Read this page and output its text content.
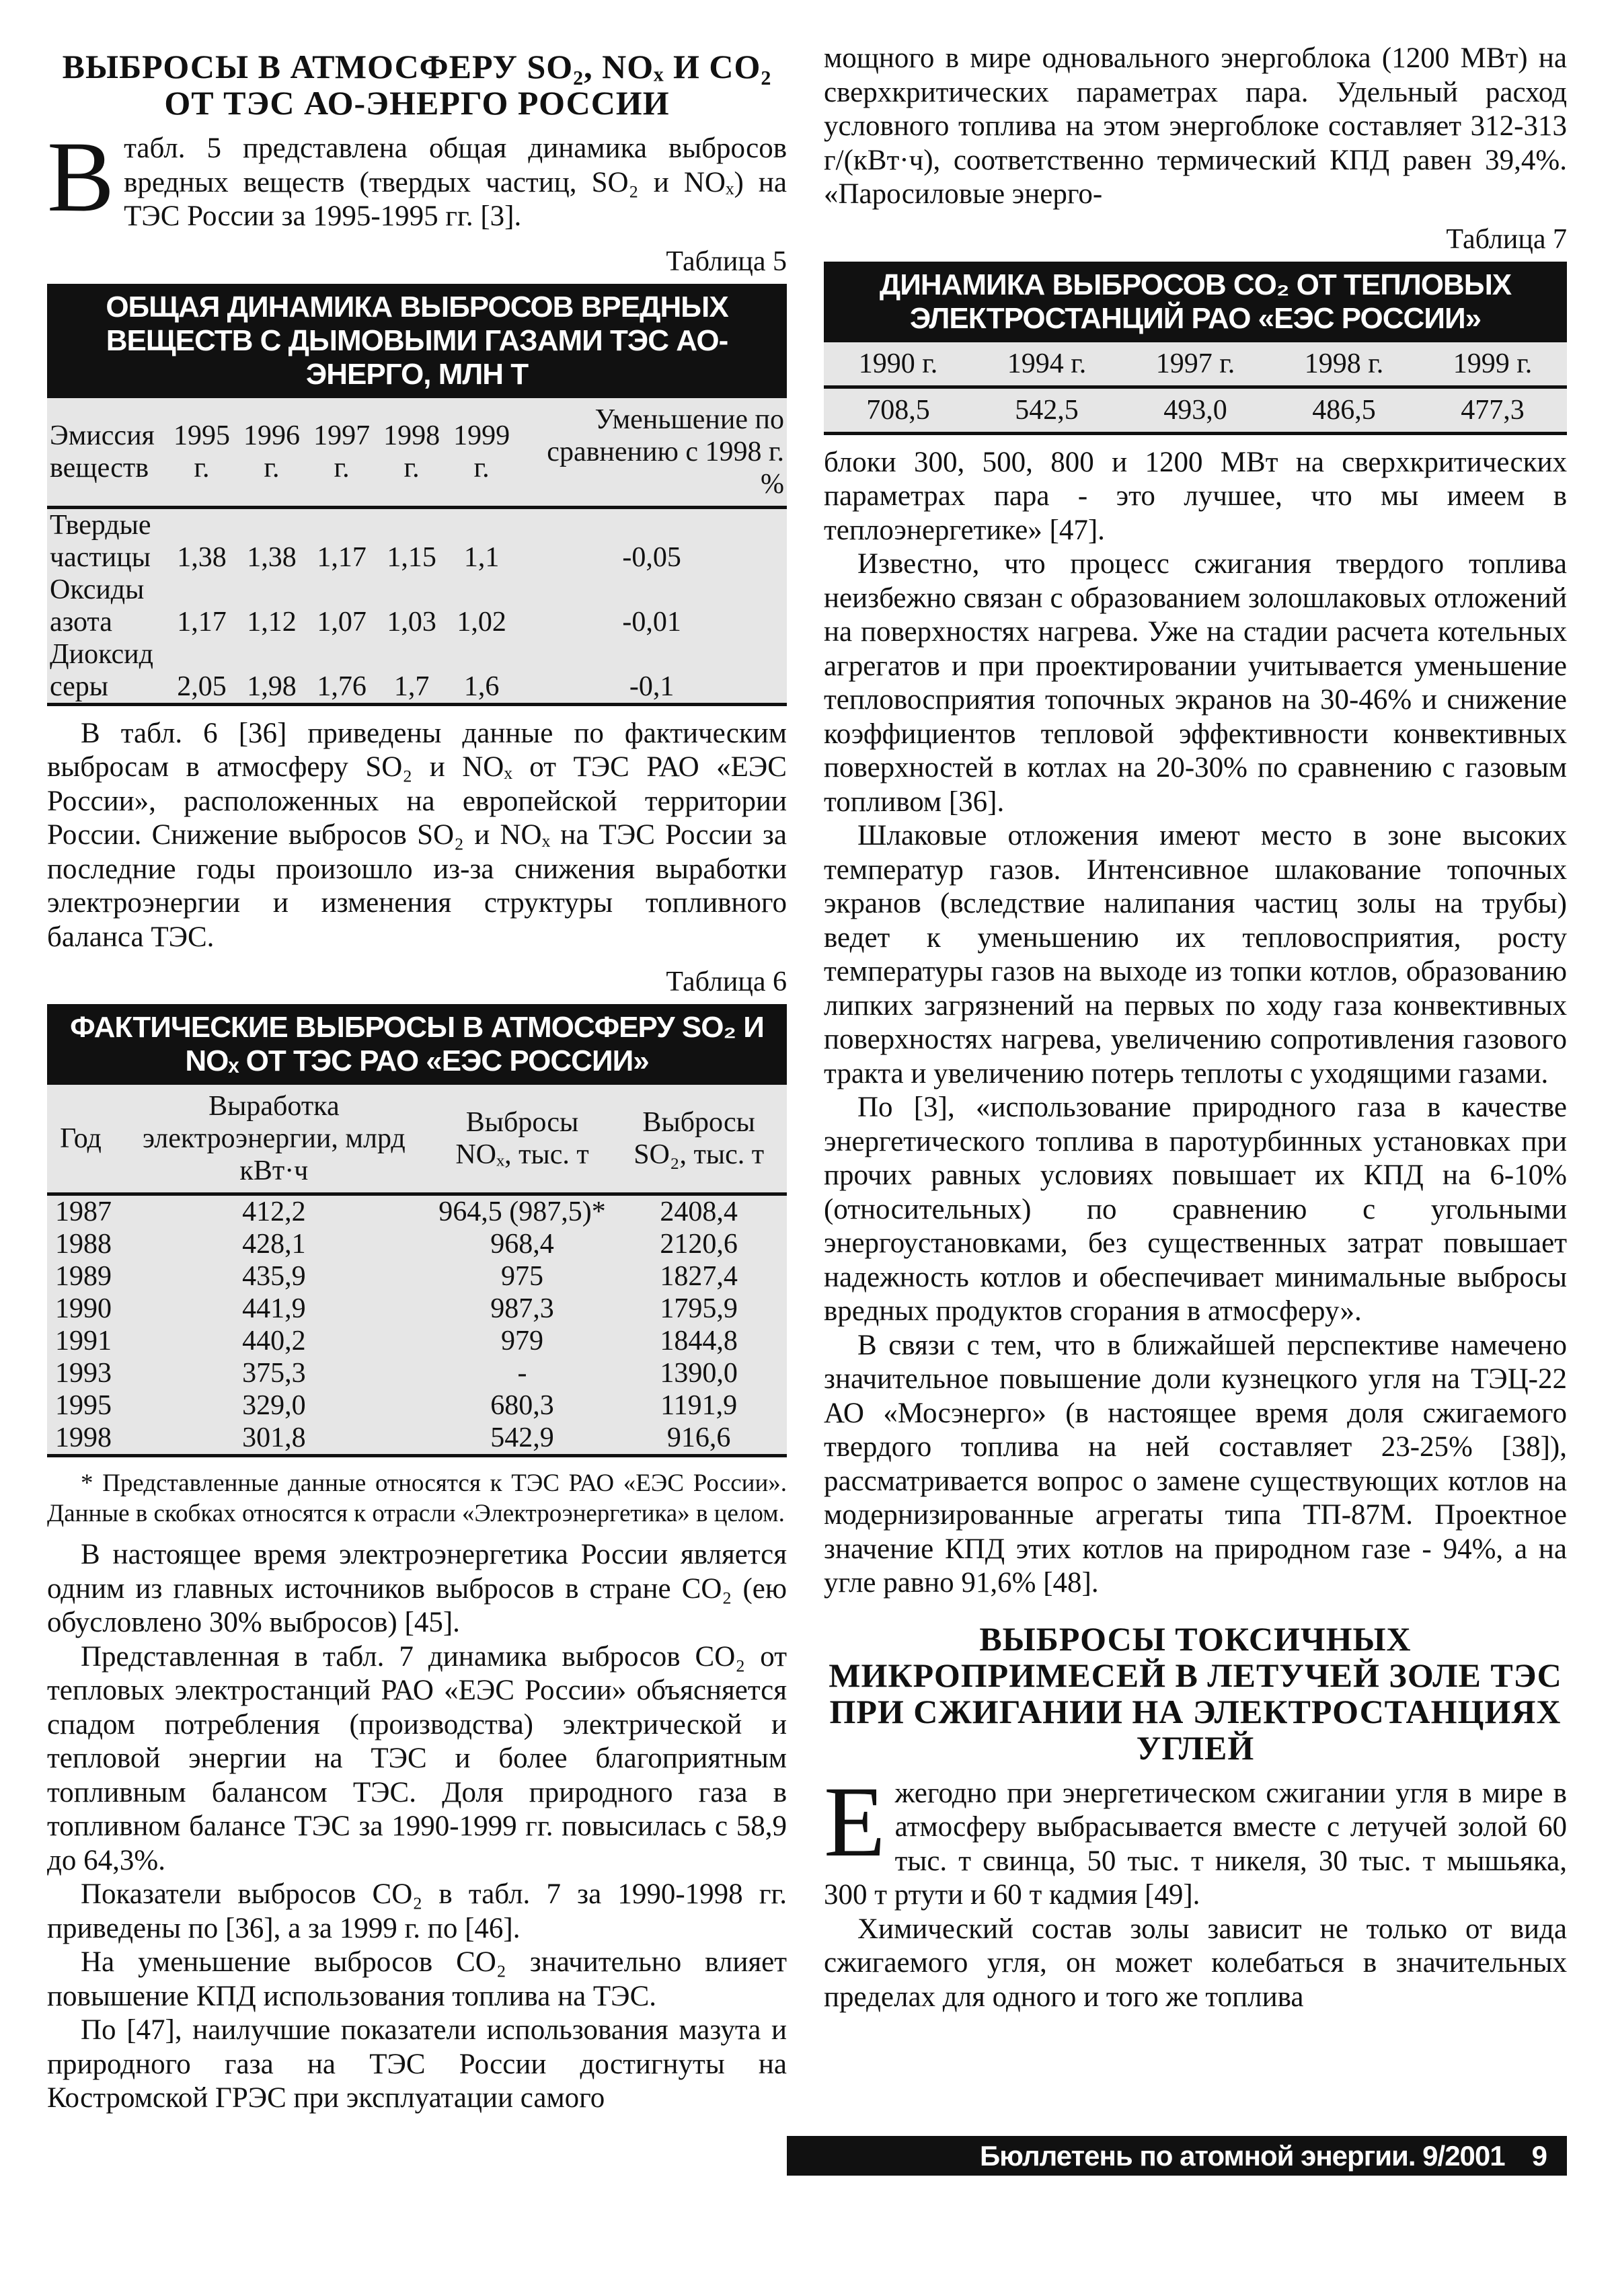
ВЫБРОСЫ В АТМОСФЕРУ SO₂, NOₓ И CO₂ ОТ ТЭС АО-ЭНЕРГО РОССИИ
В табл. 5 представлена общая динамика выбросов вредных веществ (твердых частиц, SO₂ и NOₓ) на ТЭС России за 1995-1995 гг. [3].
Таблица 5
ОБЩАЯ ДИНАМИКА ВЫБРОСОВ ВРЕДНЫХ ВЕЩЕСТВ С ДЫМОВЫМИ ГАЗАМИ ТЭС АО-ЭНЕРГО, МЛН Т
Эмиссия веществ	1995 г.	1996 г.	1997 г.	1998 г.	1999 г.	Уменьшение по сравнению с 1998 г. %
Твердые частицы	1,38	1,38	1,17	1,15	1,1	-0,05
Оксиды азота	1,17	1,12	1,07	1,03	1,02	-0,01
Диоксид серы	2,05	1,98	1,76	1,7	1,6	-0,1

В табл. 6 [36] приведены данные по фактическим выбросам в атмосферу SO₂ и NOₓ от ТЭС РАО «ЕЭС России», расположенных на европейской территории России. Снижение выбросов SO₂ и NOₓ на ТЭС России за последние годы произошло из-за снижения выработки электроэнергии и изменения структуры топливного баланса ТЭС.

Таблица 6
ФАКТИЧЕСКИЕ ВЫБРОСЫ В АТМОСФЕРУ SO₂ И NOₓ ОТ ТЭС РАО «ЕЭС РОССИИ»
Год	Выработка электроэнергии, млрд кВт·ч	Выбросы NOₓ, тыс. т	Выбросы SO₂, тыс. т
1987	412,2	964,5 (987,5)*	2408,4
1988	428,1	968,4	2120,6
1989	435,9	975	1827,4
1990	441,9	987,3	1795,9
1991	440,2	979	1844,8
1993	375,3	-	1390,0
1995	329,0	680,3	1191,9
1998	301,8	542,9	916,6

* Представленные данные относятся к ТЭС РАО «ЕЭС России». Данные в скобках относятся к отрасли «Электроэнергетика» в целом.

В настоящее время электроэнергетика России является одним из главных источников выбросов в стране CO₂ (ею обусловлено 30% выбросов) [45].

Представленная в табл. 7 динамика выбросов CO₂ от тепловых электростанций РАО «ЕЭС России» объясняется спадом потребления (производства) электрической и тепловой энергии на ТЭС и более благоприятным топливным балансом ТЭС. Доля природного газа в топливном балансе ТЭС за 1990-1999 гг. повысилась с 58,9 до 64,3%.

Показатели выбросов CO₂ в табл. 7 за 1990-1998 гг. приведены по [36], а за 1999 г. по [46].

На уменьшение выбросов CO₂ значительно влияет повышение КПД использования топлива на ТЭС.

По [47], наилучшие показатели использования мазута и природного газа на ТЭС России достигнуты на Костромской ГРЭС при эксплуатации самого

мощного в мире одновального энергоблока (1200 МВт) на сверхкритических параметрах пара. Удельный расход условного топлива на этом энергоблоке составляет 312-313 г/(кВт·ч), соответственно термический КПД равен 39,4%. «Паросиловые энерго-

Таблица 7
ДИНАМИКА ВЫБРОСОВ CO₂ ОТ ТЕПЛОВЫХ ЭЛЕКТРОСТАНЦИЙ РАО «ЕЭС РОССИИ»
1990 г.	1994 г.	1997 г.	1998 г.	1999 г.
708,5	542,5	493,0	486,5	477,3

блоки 300, 500, 800 и 1200 МВт на сверхкритических параметрах пара - это лучшее, что мы имеем в теплоэнергетике» [47].

Известно, что процесс сжигания твердого топлива неизбежно связан с образованием золошлаковых отложений на поверхностях нагрева. Уже на стадии расчета котельных агрегатов и при проектировании учитывается уменьшение тепловосприятия топочных экранов на 30-46% и снижение коэффициентов тепловой эффективности конвективных поверхностей в котлах на 20-30% по сравнению с газовым топливом [36].

Шлаковые отложения имеют место в зоне высоких температур газов. Интенсивное шлакование топочных экранов (вследствие налипания частиц золы на трубы) ведет к уменьшению их тепловосприятия, росту температуры газов на выходе из топки котлов, образованию липких загрязнений на первых по ходу газа конвективных поверхностях нагрева, увеличению сопротивления газового тракта и увеличению потерь теплоты с уходящими газами.

По [3], «использование природного газа в качестве энергетического топлива в паротурбинных установках при прочих равных условиях повышает их КПД на 6-10% (относительных) по сравнению с угольными энергоустановками, без существенных затрат повышает надежность котлов и обеспечивает минимальные выбросы вредных продуктов сгорания в атмосферу».

В связи с тем, что в ближайшей перспективе намечено значительное повышение доли кузнецкого угля на ТЭЦ-22 АО «Мосэнерго» (в настоящее время доля сжигаемого твердого топлива на ней составляет 23-25% [38]), рассматривается вопрос о замене существующих котлов на модернизированные агрегаты типа ТП-87М. Проектное значение КПД этих котлов на природном газе - 94%, а на угле равно 91,6% [48].

ВЫБРОСЫ ТОКСИЧНЫХ МИКРОПРИМЕСЕЙ В ЛЕТУЧЕЙ ЗОЛЕ ТЭС ПРИ СЖИГАНИИ НА ЭЛЕКТРОСТАНЦИЯХ УГЛЕЙ
Е жегодно при энергетическом сжигании угля в мире в атмосферу выбрасывается вместе с летучей золой 60 тыс. т свинца, 50 тыс. т никеля, 30 тыс. т мышьяка, 300 т ртути и 60 т кадмия [49].

Химический состав золы зависит не только от вида сжигаемого угля, он может колебаться в значительных пределах для одного и того же топлива

Бюллетень по атомной энергии. 9/2001 9
